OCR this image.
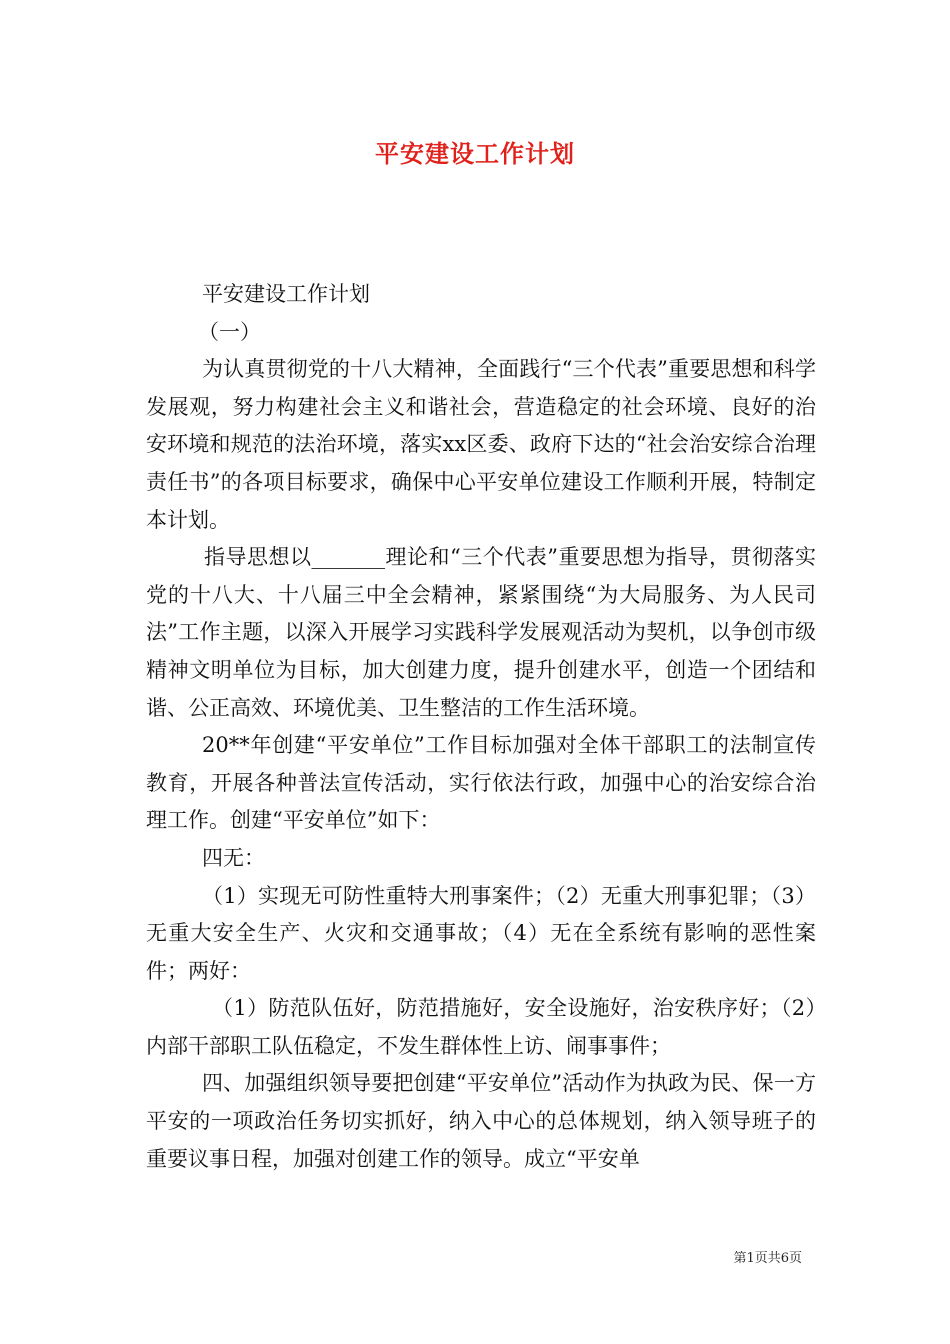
平安建设工作计划

平安建设工作计划

（一）

为认真贯彻党的十八大精神，全面践行“三个代表”重要思想和科学发展观，努力构建社会主义和谐社会，营造稳定的社会环境、良好的治安环境和规范的法治环境，落实xx区委、政府下达的“社会治安综合治理责任书”的各项目标要求，确保中心平安单位建设工作顺利开展，特制定本计划。

指导思想以_______理论和“三个代表”重要思想为指导，贯彻落实党的十八大、十八届三中全会精神，紧紧围绕“为大局服务、为人民司法”工作主题，以深入开展学习实践科学发展观活动为契机，以争创市级精神文明单位为目标，加大创建力度，提升创建水平，创造一个团结和谐、公正高效、环境优美、卫生整洁的工作生活环境。

20**年创建“平安单位”工作目标加强对全体干部职工的法制宣传教育，开展各种普法宣传活动，实行依法行政，加强中心的治安综合治理工作。创建“平安单位”如下：

四无：

（1）实现无可防性重特大刑事案件；（2）无重大刑事犯罪；（3）无重大安全生产、火灾和交通事故；（4）无在全系统有影响的恶性案件；两好：

（1）防范队伍好，防范措施好，安全设施好，治安秩序好；（2）内部干部职工队伍稳定，不发生群体性上访、闹事事件；

四、加强组织领导要把创建“平安单位”活动作为执政为民、保一方平安的一项政治任务切实抓好，纳入中心的总体规划，纳入领导班子的重要议事日程，加强对创建工作的领导。成立“平安单

第1页共6页
